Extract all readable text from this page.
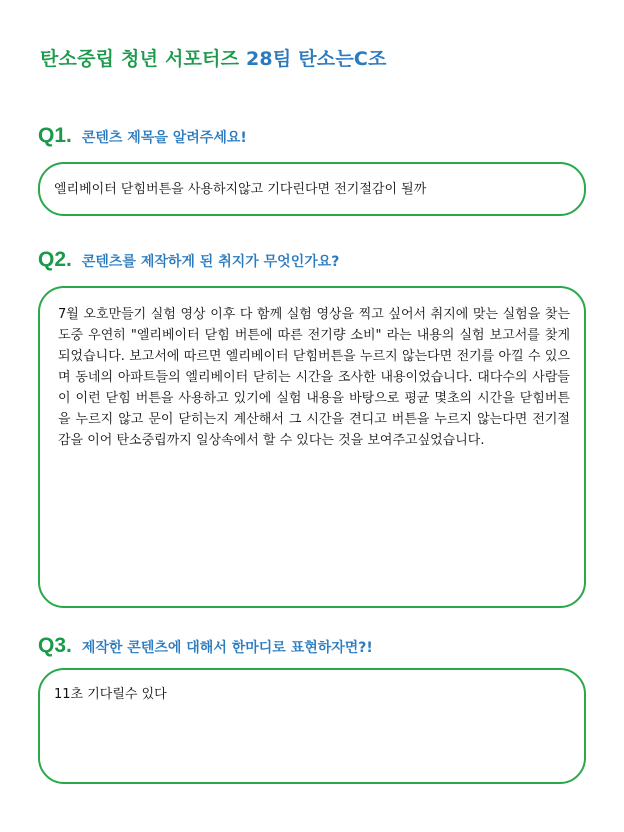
탄소중립 청년 서포터즈 28팀 탄소는C조
Q1. 콘텐츠 제목을 알려주세요!
엘리베이터 닫힘버튼을 사용하지않고 기다린다면 전기절감이 될까
Q2. 콘텐츠를 제작하게 된 취지가 무엇인가요?
7월 오호만들기 실험 영상 이후 다 함께 실험 영상을 찍고 싶어서 취지에 맞는 실험을 찾는도중 우연히 "엘리베이터 닫힘 버튼에 따른 전기량 소비" 라는 내용의 실험 보고서를 찾게 되었습니다. 보고서에 따르면 엘리베이터 닫힘버튼을 누르지 않는다면 전기를 아낄 수 있으며 동네의 아파트들의 엘리베이터 닫히는 시간을 조사한 내용이었습니다. 대다수의 사람들이 이런 닫힘 버튼을 사용하고 있기에 실험 내용을 바탕으로 평균 몇초의 시간을 닫힘버튼을 누르지 않고 문이 닫히는지 계산해서 그 시간을 견디고 버튼을 누르지 않는다면 전기절감을 이어 탄소중립까지 일상속에서 할 수 있다는 것을 보여주고싶었습니다.
Q3. 제작한 콘텐츠에 대해서 한마디로 표현하자면?!
11초 기다릴수 있다
